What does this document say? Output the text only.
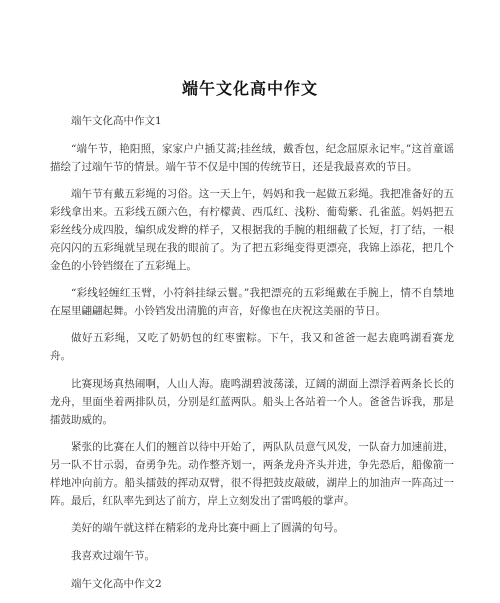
端午文化高中作文

端午文化高中作文1

“端午节，艳阳照，家家户户插艾蒿;挂丝绒，戴香包，纪念屈原永记牢。”这首童谣描绘了过端午节的情景。端午节不仅是中国的传统节日，还是我最喜欢的节日。

端午节有戴五彩绳的习俗。这一天上午，妈妈和我一起做五彩绳。我把准备好的五彩线拿出来。五彩线五颜六色，有柠檬黄、西瓜红、浅粉、葡萄紫、孔雀蓝。妈妈把五彩丝线分成四股，编织成发辫的样子，又根据我的手腕的粗细截了长短，打了结，一根亮闪闪的五彩绳就呈现在我的眼前了。为了把五彩绳变得更漂亮，我锦上添花，把几个金色的小铃铛缀在了五彩绳上。

“彩线轻缠红玉臂，小符斜挂绿云鬟。”我把漂亮的五彩绳戴在手腕上，情不自禁地在屋里翩翩起舞。小铃铛发出清脆的声音，好像也在庆祝这美丽的节日。

做好五彩绳，又吃了奶奶包的红枣蜜粽。下午，我又和爸爸一起去鹿鸣湖看赛龙舟。

比赛现场真热闹啊，人山人海。鹿鸣湖碧波荡漾，辽阔的湖面上漂浮着两条长长的龙舟，里面坐着两排队员，分别是红蓝两队。船头上各站着一个人。爸爸告诉我，那是擂鼓助威的。

紧张的比赛在人们的翘首以待中开始了，两队队员意气风发，一队奋力加速前进，另一队不甘示弱，奋勇争先。动作整齐划一，两条龙舟齐头并进，争先恐后，船像箭一样地冲向前方。船头擂鼓的挥动双臂，很不得把鼓皮敲破，湖岸上的加油声一阵高过一阵。最后，红队率先到达了前方，岸上立刻发出了雷鸣般的掌声。

美好的端午就这样在精彩的龙舟比赛中画上了圆满的句号。

我喜欢过端午节。

端午文化高中作文2
